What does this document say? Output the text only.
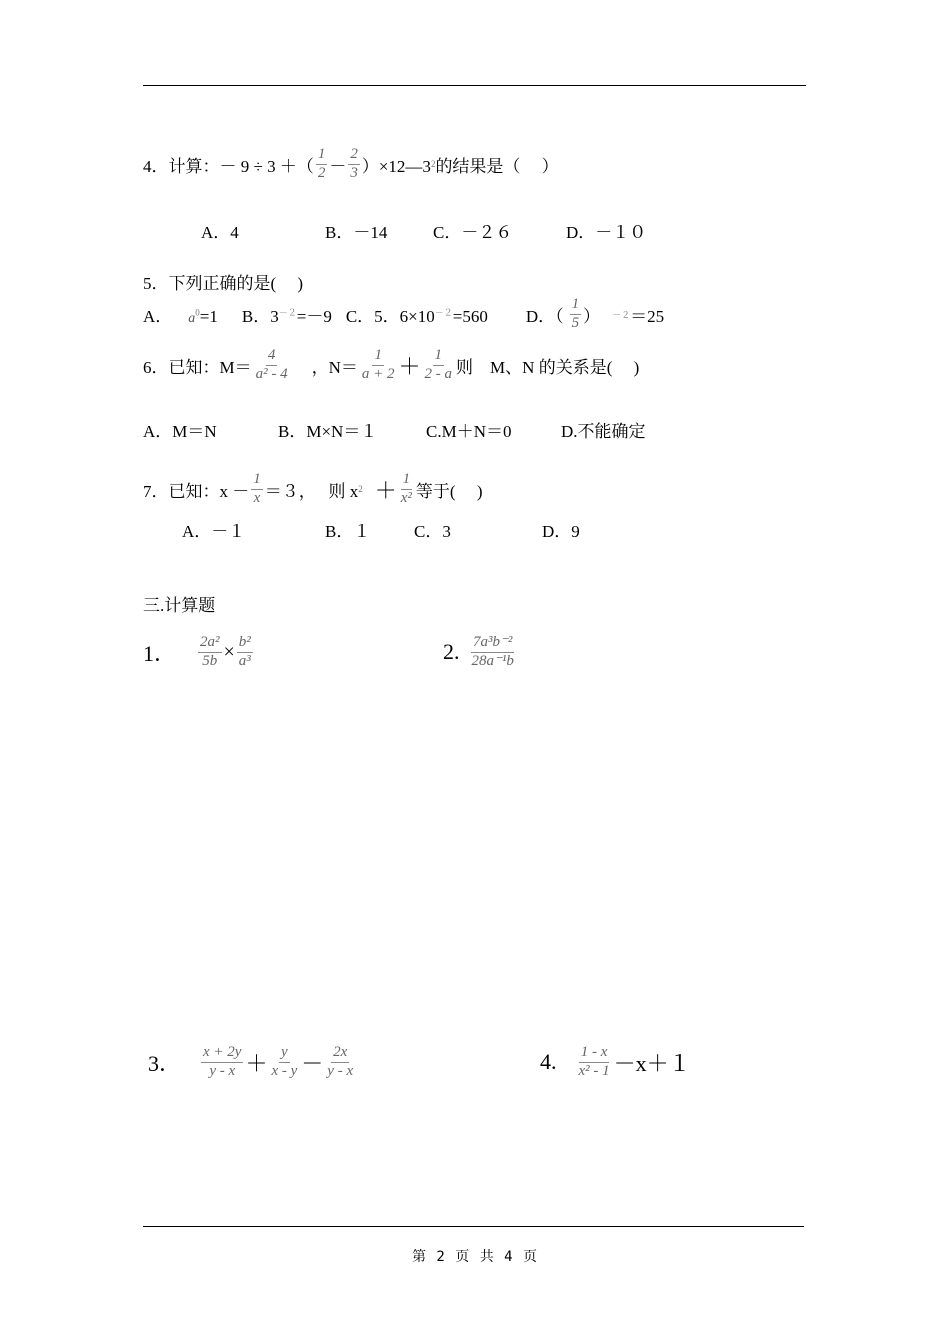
4．计算：－ 9 ÷ 3 ＋（ $\frac{1}{2} - \frac{2}{3}$ ）×12—3 2 的结果是（　 ）
A．4	B．－14	C．－２６	D．－１０
5．下列正确的是(　 )
A． $a^0=1$ B．$3^{-2}=-9$ C．5．$6\times 10^{-2}=560$ D．（ $\frac{1}{5}$ ） －２ ＝25
6．已知：$M= \frac{4}{\text{a² - 4}}$ ，$N= \frac{1}{a + 2} + \frac{1}{2 - a}$ 则　M、N 的关系是(　 )
A．M＝N	B．M×N＝１	C.M＋N＝0	D.不能确定
7．已知：$x - \frac{1}{x} =3$，　 则 x $2 + \frac{1}{\text{x²}}$ 等于(　 )
A．－１	B．１	C．3	D．9
三.计算题
1． $\frac{\text{2a²}}{5b} \times \frac{\text{b²}}{\text{a³}}$	2. $\frac{\text{7a³b⁻²}}{\text{28a⁻¹b}}$
3． $\frac{x + 2y}{y - x} + \frac{y}{x - y} - \frac{2x}{y - x}$	4. $\frac{1 - x}{\text{x² - 1}} -x+1$
第 2 页 共 4 页
